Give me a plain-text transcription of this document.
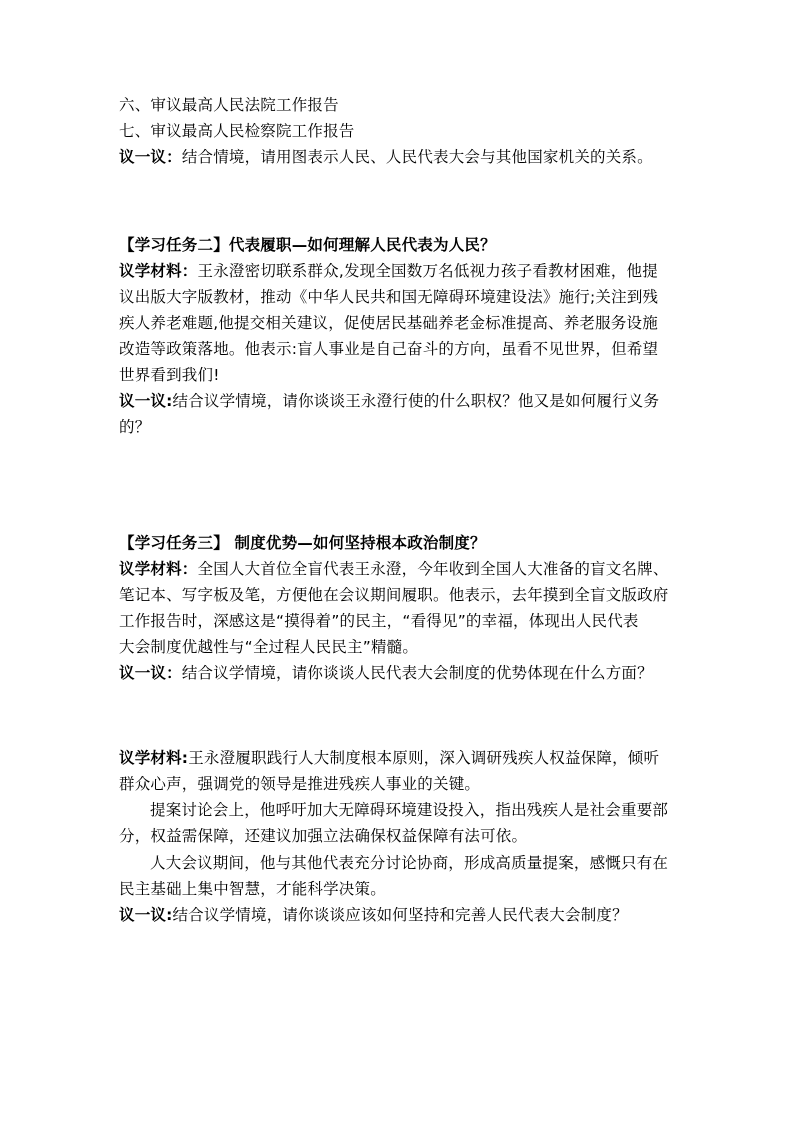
六、审议最高人民法院工作报告
七、审议最高人民检察院工作报告
议一议：结合情境，请用图表示人民、人民代表大会与其他国家机关的关系。
【学习任务二】代表履职—如何理解人民代表为人民？
议学材料：王永澄密切联系群众,发现全国数万名低视力孩子看教材困难，他提
议出版大字版教材，推动《中华人民共和国无障碍环境建设法》施行;关注到残
疾人养老难题,他提交相关建议，促使居民基础养老金标准提高、养老服务设施
改造等政策落地。他表示:盲人事业是自己奋斗的方向，虽看不见世界，但希望
世界看到我们!
议一议:结合议学情境，请你谈谈王永澄行使的什么职权？他又是如何履行义务
的？
【学习任务三】 制度优势—如何坚持根本政治制度？
议学材料：全国人大首位全盲代表王永澄，今年收到全国人大准备的盲文名牌、
笔记本、写字板及笔，方便他在会议期间履职。他表示，去年摸到全盲文版政府
工作报告时，深感这是“摸得着”的民主，“看得见”的幸福，体现出人民代表
大会制度优越性与“全过程人民民主”精髓。
议一议：结合议学情境，请你谈谈人民代表大会制度的优势体现在什么方面？
议学材料:王永澄履职践行人大制度根本原则，深入调研残疾人权益保障，倾听
群众心声，强调党的领导是推进残疾人事业的关键。
提案讨论会上，他呼吁加大无障碍环境建设投入，指出残疾人是社会重要部
分，权益需保障，还建议加强立法确保权益保障有法可依。
人大会议期间，他与其他代表充分讨论协商，形成高质量提案，感慨只有在
民主基础上集中智慧，才能科学决策。
议一议:结合议学情境，请你谈谈应该如何坚持和完善人民代表大会制度？
